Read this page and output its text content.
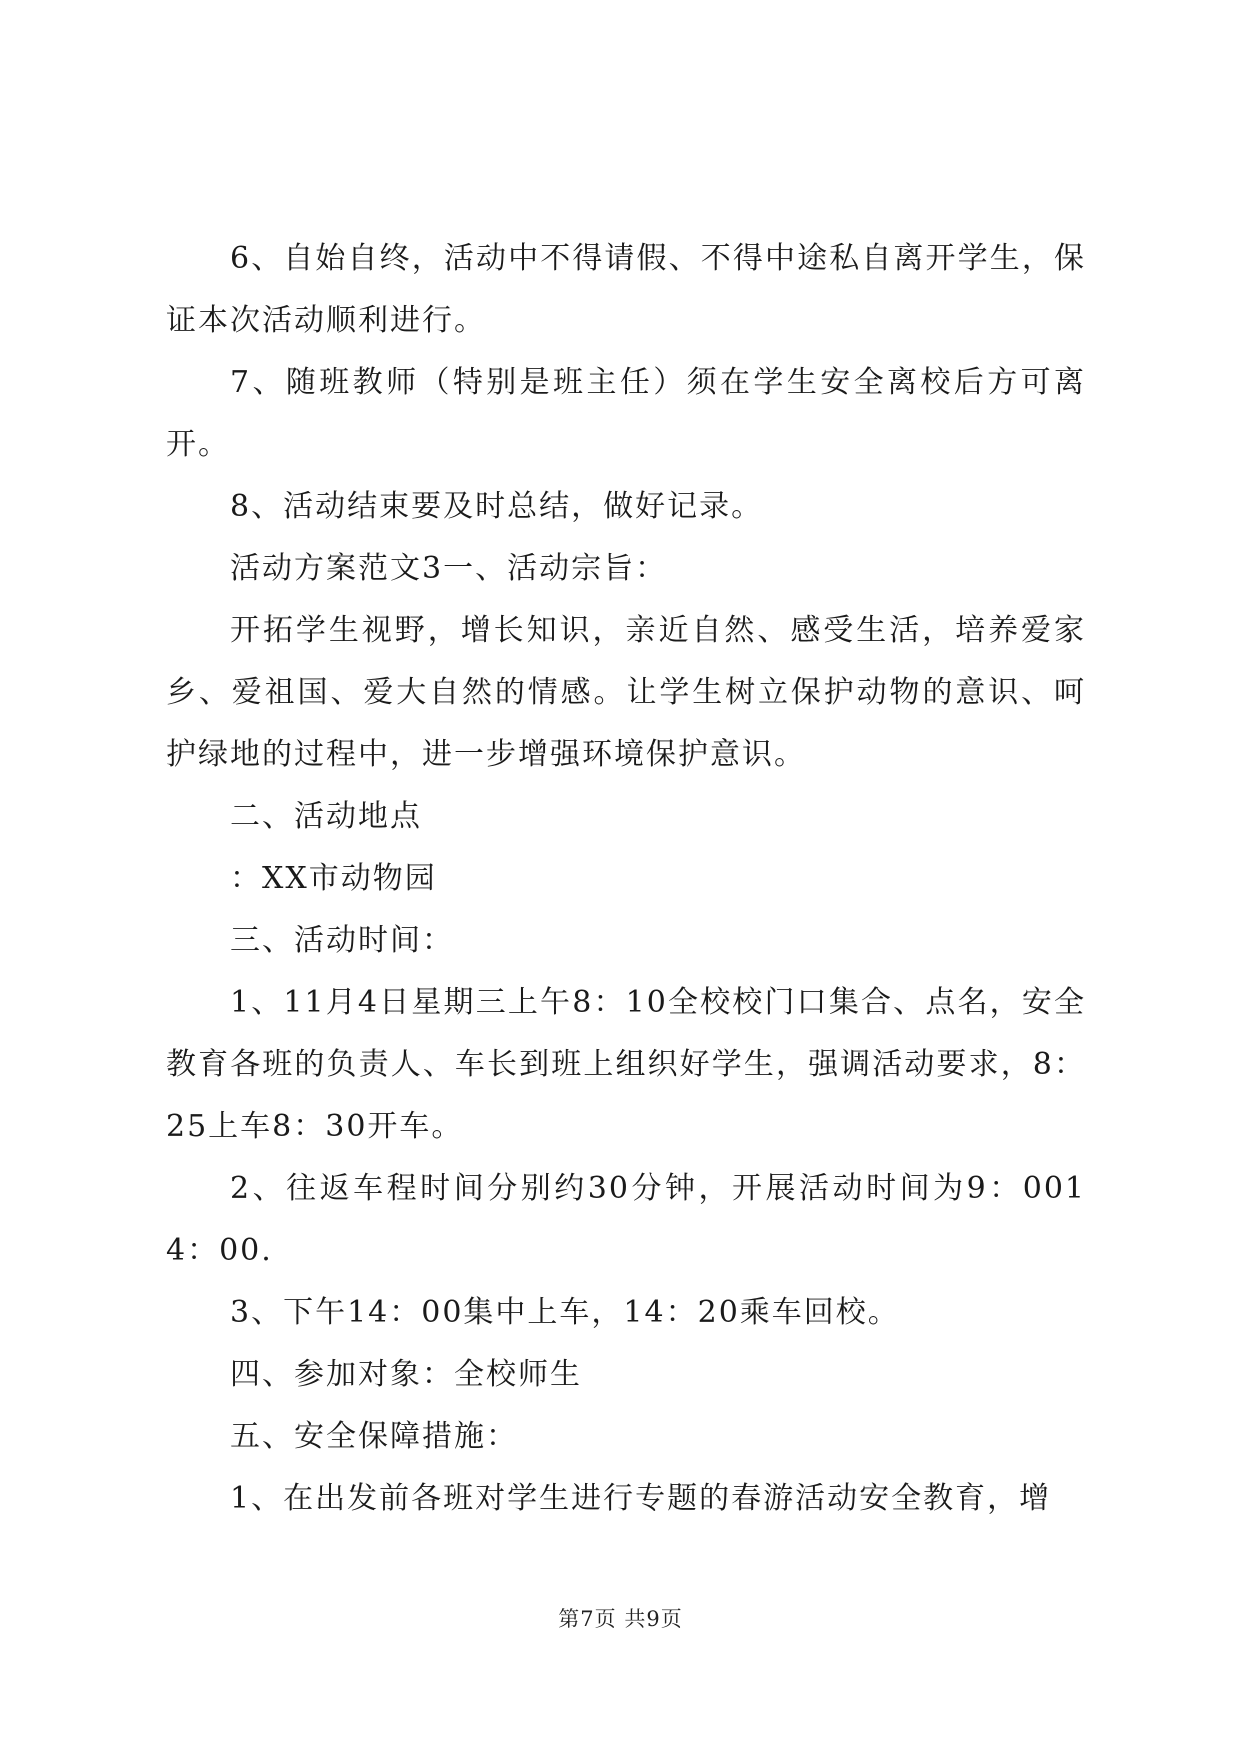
6、自始自终，活动中不得请假、不得中途私自离开学生，保证本次活动顺利进行。

7、随班教师（特别是班主任）须在学生安全离校后方可离开。

8、活动结束要及时总结，做好记录。

活动方案范文3一、活动宗旨：

开拓学生视野，增长知识，亲近自然、感受生活，培养爱家乡、爱祖国、爱大自然的情感。让学生树立保护动物的意识、呵护绿地的过程中，进一步增强环境保护意识。

二、活动地点

：XX市动物园

三、活动时间：

1、11月4日星期三上午8：10全校校门口集合、点名，安全教育各班的负责人、车长到班上组织好学生，强调活动要求，8：25上车8：30开车。

2、往返车程时间分别约30分钟，开展活动时间为9：0014：00.

3、下午14：00集中上车，14：20乘车回校。

四、参加对象：全校师生

五、安全保障措施：

1、在出发前各班对学生进行专题的春游活动安全教育，增

第7页 共9页
